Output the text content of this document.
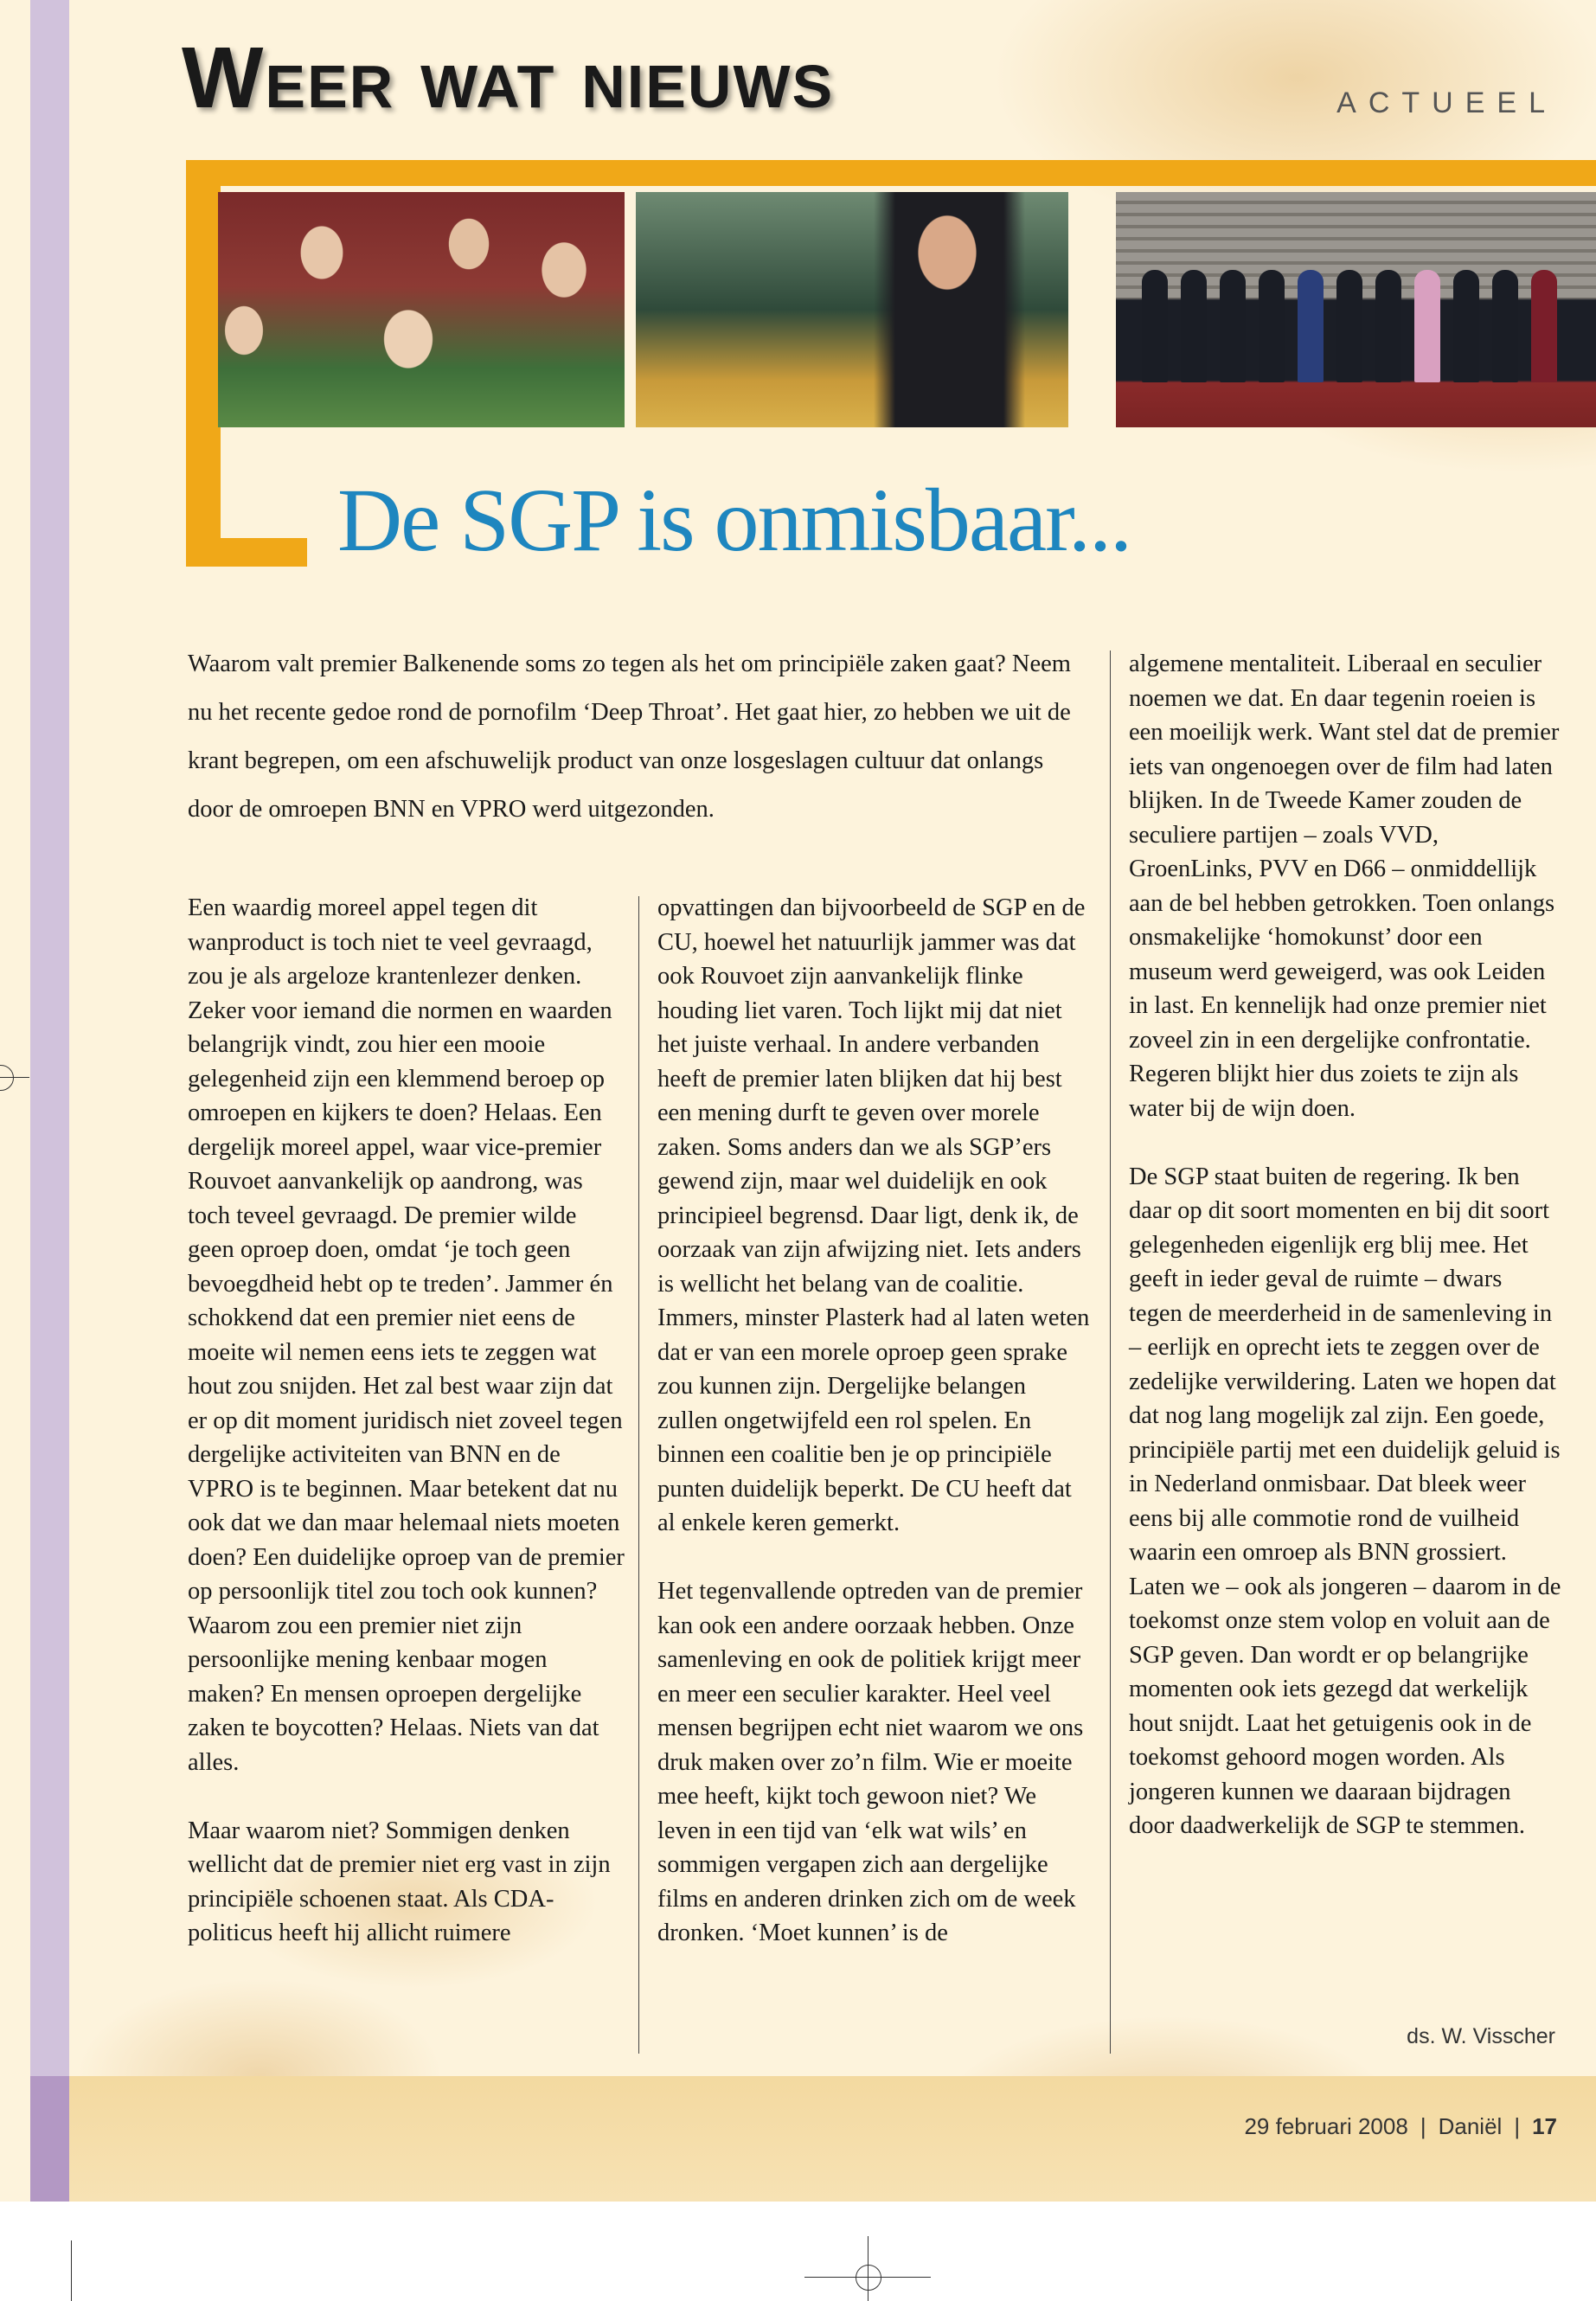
Weer wat nieuws	ACTUEEL
De SGP is onmisbaar...

Waarom valt premier Balkenende soms zo tegen als het om principiële zaken gaat? Neem nu het recente gedoe rond de pornofilm ‘Deep Throat’. Het gaat hier, zo hebben we uit de krant begrepen, om een afschuwelijk product van onze losgeslagen cultuur dat onlangs door de omroepen BNN en VPRO werd uitgezonden.

Een waardig moreel appel tegen dit wanproduct is toch niet te veel gevraagd, zou je als argeloze krantenlezer denken. Zeker voor iemand die normen en waarden belangrijk vindt, zou hier een mooie gelegenheid zijn een klemmend beroep op omroepen en kijkers te doen? Helaas. Een dergelijk moreel appel, waar vice-premier Rouvoet aanvankelijk op aandrong, was toch teveel gevraagd. De premier wilde geen oproep doen, omdat ‘je toch geen bevoegdheid hebt op te treden’. Jammer én schokkend dat een premier niet eens de moeite wil nemen eens iets te zeggen wat hout zou snijden. Het zal best waar zijn dat er op dit moment juridisch niet zoveel tegen dergelijke activiteiten van BNN en de VPRO is te beginnen. Maar betekent dat nu ook dat we dan maar helemaal niets moeten doen? Een duidelijke oproep van de premier op persoonlijk titel zou toch ook kunnen? Waarom zou een premier niet zijn persoonlijke mening kenbaar mogen maken? En mensen oproepen dergelijke zaken te boycotten? Helaas. Niets van dat alles.

Maar waarom niet? Sommigen denken wellicht dat de premier niet erg vast in zijn principiële schoenen staat. Als CDA-politicus heeft hij allicht ruimere

opvattingen dan bijvoorbeeld de SGP en de CU, hoewel het natuurlijk jammer was dat ook Rouvoet zijn aanvankelijk flinke houding liet varen. Toch lijkt mij dat niet het juiste verhaal. In andere verbanden heeft de premier laten blijken dat hij best een mening durft te geven over morele zaken. Soms anders dan we als SGP’ers gewend zijn, maar wel duidelijk en ook principieel begrensd. Daar ligt, denk ik, de oorzaak van zijn afwijzing niet. Iets anders is wellicht het belang van de coalitie. Immers, minster Plasterk had al laten weten dat er van een morele oproep geen sprake zou kunnen zijn. Dergelijke belangen zullen ongetwijfeld een rol spelen. En binnen een coalitie ben je op principiële punten duidelijk beperkt. De CU heeft dat al enkele keren gemerkt.

Het tegenvallende optreden van de premier kan ook een andere oorzaak hebben. Onze samenleving en ook de politiek krijgt meer en meer een seculier karakter. Heel veel mensen begrijpen echt niet waarom we ons druk maken over zo’n film. Wie er moeite mee heeft, kijkt toch gewoon niet? We leven in een tijd van ‘elk wat wils’ en sommigen vergapen zich aan dergelijke films en anderen drinken zich om de week dronken. ‘Moet kunnen’ is de

algemene mentaliteit. Liberaal en seculier noemen we dat. En daar tegenin roeien is een moeilijk werk. Want stel dat de premier iets van ongenoegen over de film had laten blijken. In de Tweede Kamer zouden de seculiere partijen – zoals VVD, GroenLinks, PVV en D66 – onmiddellijk aan de bel hebben getrokken. Toen onlangs onsmakelijke ‘homokunst’ door een museum werd geweigerd, was ook Leiden in last. En kennelijk had onze premier niet zoveel zin in een dergelijke confrontatie. Regeren blijkt hier dus zoiets te zijn als water bij de wijn doen.

De SGP staat buiten de regering. Ik ben daar op dit soort momenten en bij dit soort gelegenheden eigenlijk erg blij mee. Het geeft in ieder geval de ruimte – dwars tegen de meerderheid in de samenleving in – eerlijk en oprecht iets te zeggen over de zedelijke verwildering. Laten we hopen dat dat nog lang mogelijk zal zijn. Een goede, principiële partij met een duidelijk geluid is in Nederland onmisbaar. Dat bleek weer eens bij alle commotie rond de vuilheid waarin een omroep als BNN grossiert. Laten we – ook als jongeren – daarom in de toekomst onze stem volop en voluit aan de SGP geven. Dan wordt er op belangrijke momenten ook iets gezegd dat werkelijk hout snijdt. Laat het getuigenis ook in de toekomst gehoord mogen worden. Als jongeren kunnen we daaraan bijdragen door daadwerkelijk de SGP te stemmen.

ds. W. Visscher
29 februari 2008 | Daniël | 17
